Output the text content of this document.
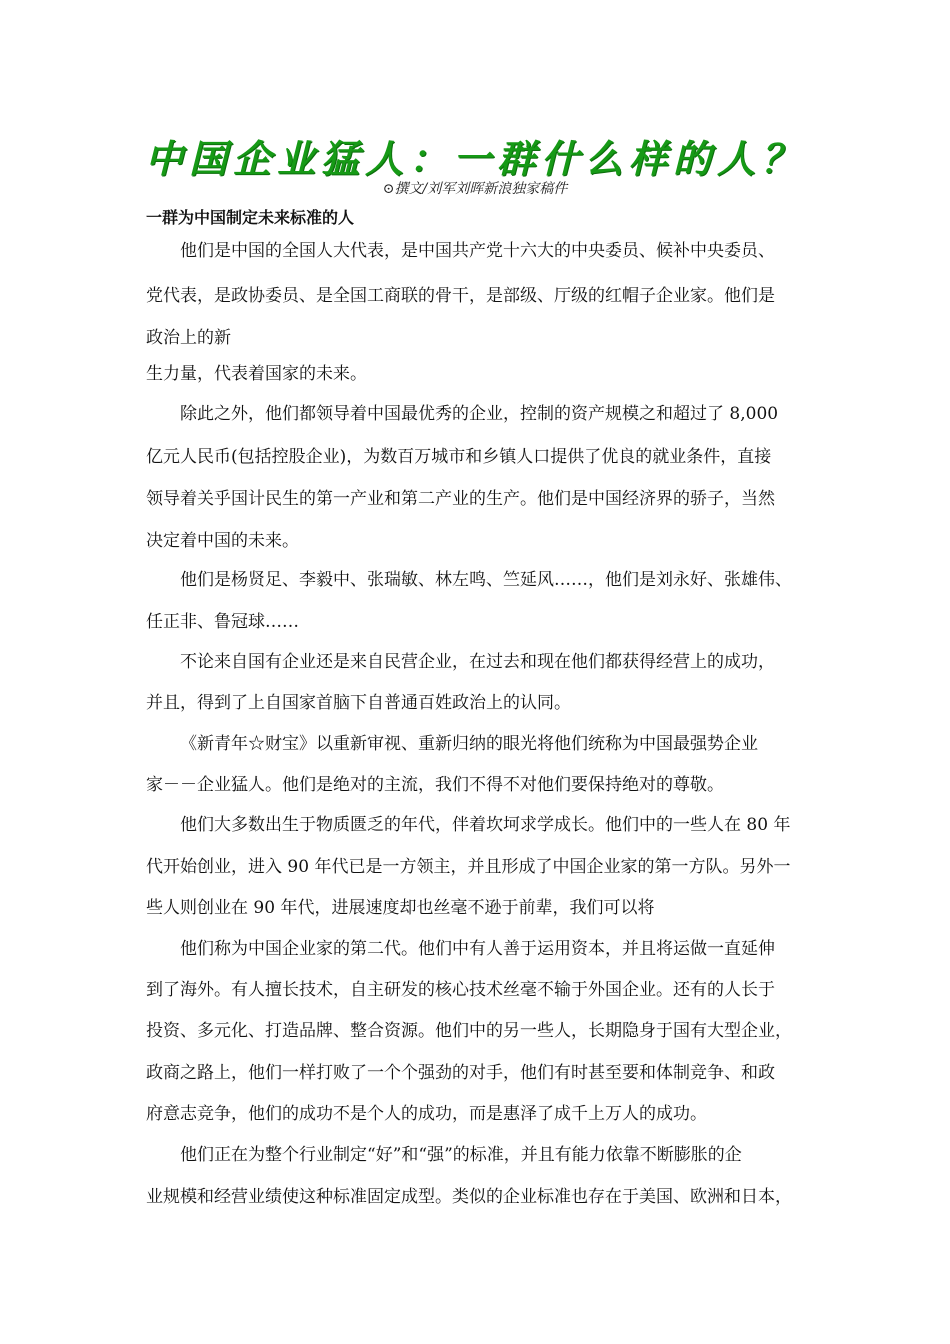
中国企业猛人：一群什么样的人？
⊙撰文/刘军刘晖新浪独家稿件
一群为中国制定未来标准的人
他们是中国的全国人大代表，是中国共产党十六大的中央委员、候补中央委员、
党代表，是政协委员、是全国工商联的骨干，是部级、厅级的红帽子企业家。他们是
政治上的新
生力量，代表着国家的未来。
除此之外，他们都领导着中国最优秀的企业，控制的资产规模之和超过了 8,000
亿元人民币(包括控股企业)，为数百万城市和乡镇人口提供了优良的就业条件，直接
领导着关乎国计民生的第一产业和第二产业的生产。他们是中国经济界的骄子，当然
决定着中国的未来。
他们是杨贤足、李毅中、张瑞敏、林左鸣、竺延风……，他们是刘永好、张雄伟、
任正非、鲁冠球……
不论来自国有企业还是来自民营企业，在过去和现在他们都获得经营上的成功，
并且，得到了上自国家首脑下自普通百姓政治上的认同。
《新青年☆财宝》以重新审视、重新归纳的眼光将他们统称为中国最强势企业
家－－企业猛人。他们是绝对的主流，我们不得不对他们要保持绝对的尊敬。
他们大多数出生于物质匮乏的年代，伴着坎坷求学成长。他们中的一些人在 80 年
代开始创业，进入 90 年代已是一方领主，并且形成了中国企业家的第一方队。另外一
些人则创业在 90 年代，进展速度却也丝毫不逊于前辈，我们可以将
他们称为中国企业家的第二代。他们中有人善于运用资本，并且将运做一直延伸
到了海外。有人擅长技术，自主研发的核心技术丝毫不输于外国企业。还有的人长于
投资、多元化、打造品牌、整合资源。他们中的另一些人，长期隐身于国有大型企业，
政商之路上，他们一样打败了一个个强劲的对手，他们有时甚至要和体制竞争、和政
府意志竞争，他们的成功不是个人的成功，而是惠泽了成千上万人的成功。
他们正在为整个行业制定“好”和“强”的标准，并且有能力依靠不断膨胀的企
业规模和经营业绩使这种标准固定成型。类似的企业标准也存在于美国、欧洲和日本，
